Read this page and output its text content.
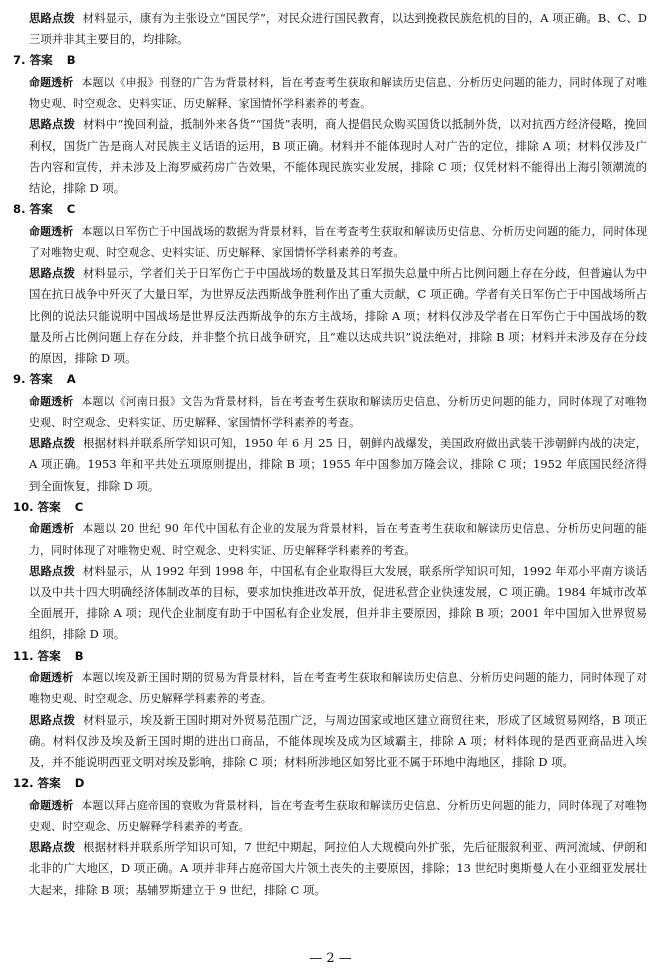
思路点拨 材料显示，康有为主张设立“国民学”，对民众进行国民教育，以达到挽救民族危机的目的，A 项正确。B、C、D 三项并非其主要目的，均排除。

7. 答案 B

命题透析 本题以《申报》刊登的广告为背景材料，旨在考查考生获取和解读历史信息、分析历史问题的能力，同时体现了对唯物史观、时空观念、史料实证、历史解释、家国情怀学科素养的考查。

思路点拨 材料中“挽回利益，抵制外来各货”“国货”表明，商人提倡民众购买国货以抵制外货，以对抗西方经济侵略，挽回利权，国货广告是商人对民族主义话语的运用，B 项正确。材料并不能体现时人对广告的定位，排除 A 项；材料仅涉及广告内容和宣传，并未涉及上海罗威药房广告效果，不能体现民族实业发展，排除 C 项；仅凭材料不能得出上海引领潮流的结论，排除 D 项。

8. 答案 C

命题透析 本题以日军伤亡于中国战场的数据为背景材料，旨在考查考生获取和解读历史信息、分析历史问题的能力，同时体现了对唯物史观、时空观念、史料实证、历史解释、家国情怀学科素养的考查。

思路点拨 材料显示，学者们关于日军伤亡于中国战场的数量及其日军损失总量中所占比例问题上存在分歧，但普遍认为中国在抗日战争中歼灭了大量日军，为世界反法西斯战争胜利作出了重大贡献，C 项正确。学者有关日军伤亡于中国战场所占比例的说法只能说明中国战场是世界反法西斯战争的东方主战场，排除 A 项；材料仅涉及学者在日军伤亡于中国战场的数量及所占比例问题上存在分歧，并非整个抗日战争研究，且“难以达成共识”说法绝对，排除 B 项；材料并未涉及存在分歧的原因，排除 D 项。

9. 答案 A

命题透析 本题以《河南日报》文告为背景材料，旨在考查考生获取和解读历史信息、分析历史问题的能力，同时体现了对唯物史观、时空观念、史料实证、历史解释、家国情怀学科素养的考查。

思路点拨 根据材料并联系所学知识可知，1950 年 6 月 25 日，朝鲜内战爆发，美国政府做出武装干涉朝鲜内战的决定，A 项正确。1953 年和平共处五项原则提出，排除 B 项；1955 年中国参加万隆会议，排除 C 项；1952 年底国民经济得到全面恢复，排除 D 项。

10. 答案 C

命题透析 本题以 20 世纪 90 年代中国私有企业的发展为背景材料，旨在考查考生获取和解读历史信息、分析历史问题的能力，同时体现了对唯物史观、时空观念、史料实证、历史解释学科素养的考查。

思路点拨 材料显示，从 1992 年到 1998 年，中国私有企业取得巨大发展，联系所学知识可知，1992 年邓小平南方谈话以及中共十四大明确经济体制改革的目标，要求加快推进改革开放，促进私营企业快速发展，C 项正确。1984 年城市改革全面展开，排除 A 项；现代企业制度有助于中国私有企业发展，但并非主要原因，排除 B 项；2001 年中国加入世界贸易组织，排除 D 项。

11. 答案 B

命题透析 本题以埃及新王国时期的贸易为背景材料，旨在考查考生获取和解读历史信息、分析历史问题的能力，同时体现了对唯物史观、时空观念、历史解释学科素养的考查。

思路点拨 材料显示，埃及新王国时期对外贸易范围广泛，与周边国家或地区建立商贸往来，形成了区域贸易网络，B 项正确。材料仅涉及埃及新王国时期的进出口商品，不能体现埃及成为区域霸主，排除 A 项；材料体现的是西亚商品进入埃及，并不能说明西亚文明对埃及影响，排除 C 项；材料所涉地区如努比亚不属于环地中海地区，排除 D 项。

12. 答案 D

命题透析 本题以拜占庭帝国的衰败为背景材料，旨在考查考生获取和解读历史信息、分析历史问题的能力，同时体现了对唯物史观、时空观念、历史解释学科素养的考查。

思路点拨 根据材料并联系所学知识可知，7 世纪中期起，阿拉伯人大规模向外扩张，先后征服叙利亚、两河流域、伊朗和北非的广大地区，D 项正确。A 项并非拜占庭帝国大片领土丧失的主要原因，排除；13 世纪时奥斯曼人在小亚细亚发展壮大起来，排除 B 项；基辅罗斯建立于 9 世纪，排除 C 项。

— 2 —
